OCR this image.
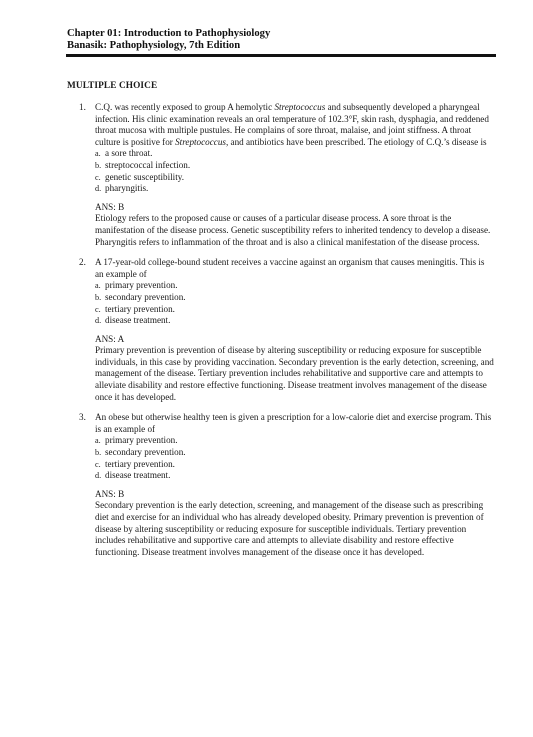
Chapter 01: Introduction to Pathophysiology

Banasik: Pathophysiology, 7th Edition

MULTIPLE CHOICE
1. C.Q. was recently exposed to group A hemolytic Streptococcus and subsequently developed a pharyngeal infection. His clinic examination reveals an oral temperature of 102.3°F, skin rash, dysphagia, and reddened throat mucosa with multiple pustules. He complains of sore throat, malaise, and joint stiffness. A throat culture is positive for Streptococcus, and antibiotics have been prescribed. The etiology of C.Q.’s disease is

a. a sore throat.
b. streptococcal infection.
c. genetic susceptibility.
d. pharyngitis.
ANS: B

Etiology refers to the proposed cause or causes of a particular disease process. A sore throat is the manifestation of the disease process. Genetic susceptibility refers to inherited tendency to develop a disease. Pharyngitis refers to inflammation of the throat and is also a clinical manifestation of the disease process.

2. A 17-year-old college-bound student receives a vaccine against an organism that causes meningitis. This is an example of

a. primary prevention.
b. secondary prevention.
c. tertiary prevention.
d. disease treatment.
ANS: A

Primary prevention is prevention of disease by altering susceptibility or reducing exposure for susceptible individuals, in this case by providing vaccination. Secondary prevention is the early detection, screening, and management of the disease. Tertiary prevention includes rehabilitative and supportive care and attempts to alleviate disability and restore effective functioning. Disease treatment involves management of the disease once it has developed.

3. An obese but otherwise healthy teen is given a prescription for a low-calorie diet and exercise program. This is an example of

a. primary prevention.
b. secondary prevention.
c. tertiary prevention.
d. disease treatment.
ANS: B

Secondary prevention is the early detection, screening, and management of the disease such as prescribing diet and exercise for an individual who has already developed obesity. Primary prevention is prevention of disease by altering susceptibility or reducing exposure for susceptible individuals. Tertiary prevention includes rehabilitative and supportive care and attempts to alleviate disability and restore effective functioning. Disease treatment involves management of the disease once it has developed.
